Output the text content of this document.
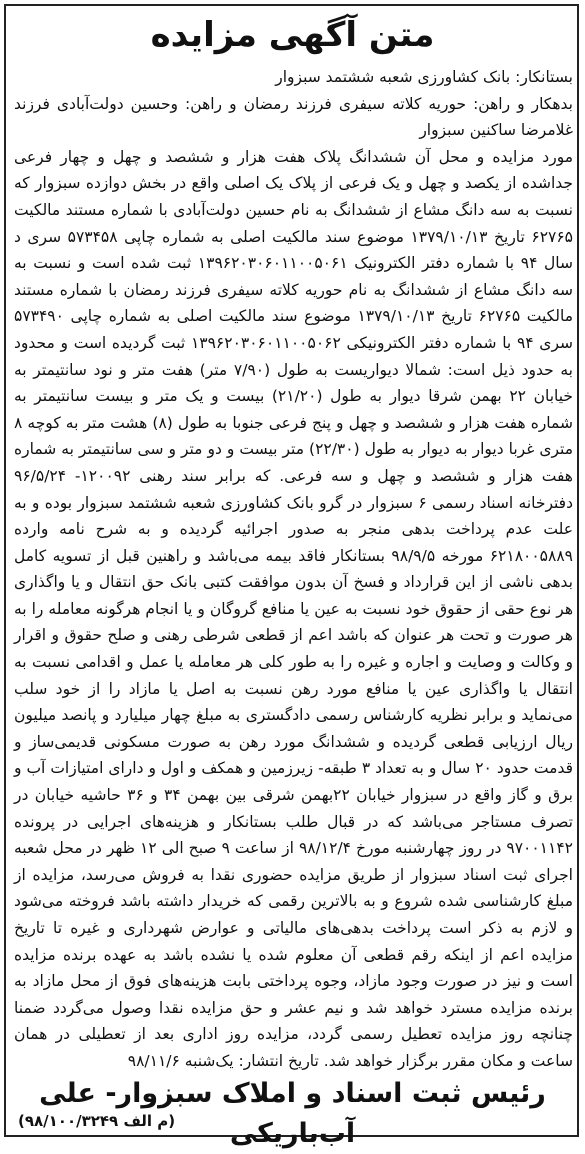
متن آگهی مزایده

بستانکار: بانک کشاورزی شعبه ششتمد سبزوار

بدهکار و راهن: حوریه کلاته سیفری فرزند رمضان و راهن: وحسین دولت‌آبادی فرزند غلامرضا ساکنین سبزوار

مورد مزایده و محل آن ششدانگ پلاک هفت هزار و ششصد و چهل و چهار فرعی جداشده از یکصد و چهل و یک فرعی از پلاک یک اصلی واقع در بخش دوازده سبزوار که نسبت به سه دانگ مشاع از ششدانگ به نام حسین دولت‌آبادی با شماره مستند مالکیت ۶۲۷۶۵ تاریخ ۱۳۷۹/۱۰/۱۳ موضوع سند مالکیت اصلی به شماره چاپی ۵۷۳۴۵۸ سری د سال ۹۴ با شماره دفتر الکترونیک ۱۳۹۶۲۰۳۰۶۰۱۱۰۰۵۰۶۱ ثبت شده است و نسبت به سه دانگ مشاع از ششدانگ به نام حوریه کلاته سیفری فرزند رمضان با شماره مستند مالکیت ۶۲۷۶۵ تاریخ ۱۳۷۹/۱۰/۱۳ موضوع سند مالکیت اصلی به شماره چاپی ۵۷۳۴۹۰ سری ۹۴ با شماره دفتر الکترونیکی ۱۳۹۶۲۰۳۰۶۰۱۱۰۰۵۰۶۲ ثبت گردیده است و محدود به حدود ذیل است: شمالا دیواریست به طول (۷/۹۰ متر) هفت متر و نود سانتیمتر به خیابان ۲۲ بهمن شرقا دیوار به طول (۲۱/۲۰) بیست و یک متر و بیست سانتیمتر به شماره هفت هزار و ششصد و چهل و پنج فرعی جنوبا به طول (۸) هشت متر به کوچه ۸ متری غربا دیوار به دیوار به طول (۲۲/۳۰) متر بیست و دو متر و سی سانتیمتر به شماره هفت هزار و ششصد و چهل و سه فرعی. که برابر سند رهنی ۱۲۰۰۹۲- ۹۶/۵/۲۴ دفترخانه اسناد رسمی ۶ سبزوار در گرو بانک کشاورزی شعبه ششتمد سبزوار بوده و به علت عدم پرداخت بدهی منجر به صدور اجرائیه گردیده و به شرح نامه وارده ۶۲۱۸۰۰۵۸۸۹ مورخه ۹۸/۹/۵ بستانکار فاقد بیمه می‌باشد و راهنین قبل از تسویه کامل بدهی ناشی از این قرارداد و فسخ آن بدون موافقت کتبی بانک حق انتقال و یا واگذاری هر نوع حقی از حقوق خود نسبت به عین یا منافع گروگان و یا انجام هرگونه معامله را به هر صورت و تحت هر عنوان که باشد اعم از قطعی شرطی رهنی و صلح حقوق و اقرار و وکالت و وصایت و اجاره و غیره را به طور کلی هر معامله یا عمل و اقدامی نسبت به انتقال یا واگذاری عین یا منافع مورد رهن نسبت به اصل یا مازاد را از خود سلب می‌نماید و برابر نظریه کارشناس رسمی دادگستری به مبلغ چهار میلیارد و پانصد میلیون ریال ارزیابی قطعی گردیده و ششدانگ مورد رهن به صورت مسکونی قدیمی‌ساز و قدمت حدود ۲۰ سال و به تعداد ۳ طبقه- زیرزمین و همکف و اول و دارای امتیازات آب و برق و گاز واقع در سبزوار خیابان ۲۲بهمن شرقی بین بهمن ۳۴ و ۳۶ حاشیه خیابان در تصرف مستاجر می‌باشد که در قبال طلب بستانکار و هزینه‌های اجرایی در پرونده ۹۷۰۰۱۱۴۲ در روز چهارشنبه مورخ ۹۸/۱۲/۴ از ساعت ۹ صبح الی ۱۲ ظهر در محل شعبه اجرای ثبت اسناد سبزوار از طریق مزایده حضوری نقدا به فروش می‌رسد، مزایده از مبلغ کارشناسی شده شروع و به بالاترین رقمی که خریدار داشته باشد فروخته می‌شود و لازم به ذکر است پرداخت بدهی‌های مالیاتی و عوارض شهرداری و غیره تا تاریخ مزایده اعم از اینکه رقم قطعی آن معلوم شده یا نشده باشد به عهده برنده مزایده است و نیز در صورت وجود مازاد، وجوه پرداختی بابت هزینه‌های فوق از محل مازاد به برنده مزایده مسترد خواهد شد و نیم عشر و حق مزایده نقدا وصول می‌گردد ضمنا چنانچه روز مزایده تعطیل رسمی گردد، مزایده روز اداری بعد از تعطیلی در همان ساعت و مکان مقرر برگزار خواهد شد. تاریخ انتشار: یک‌شنبه ۹۸/۱۱/۶

رئیس ثبت اسناد و املاک سبزوار- علی آب‌باریکی
(م الف ۹۸/۱۰۰/۳۲۴۹)
